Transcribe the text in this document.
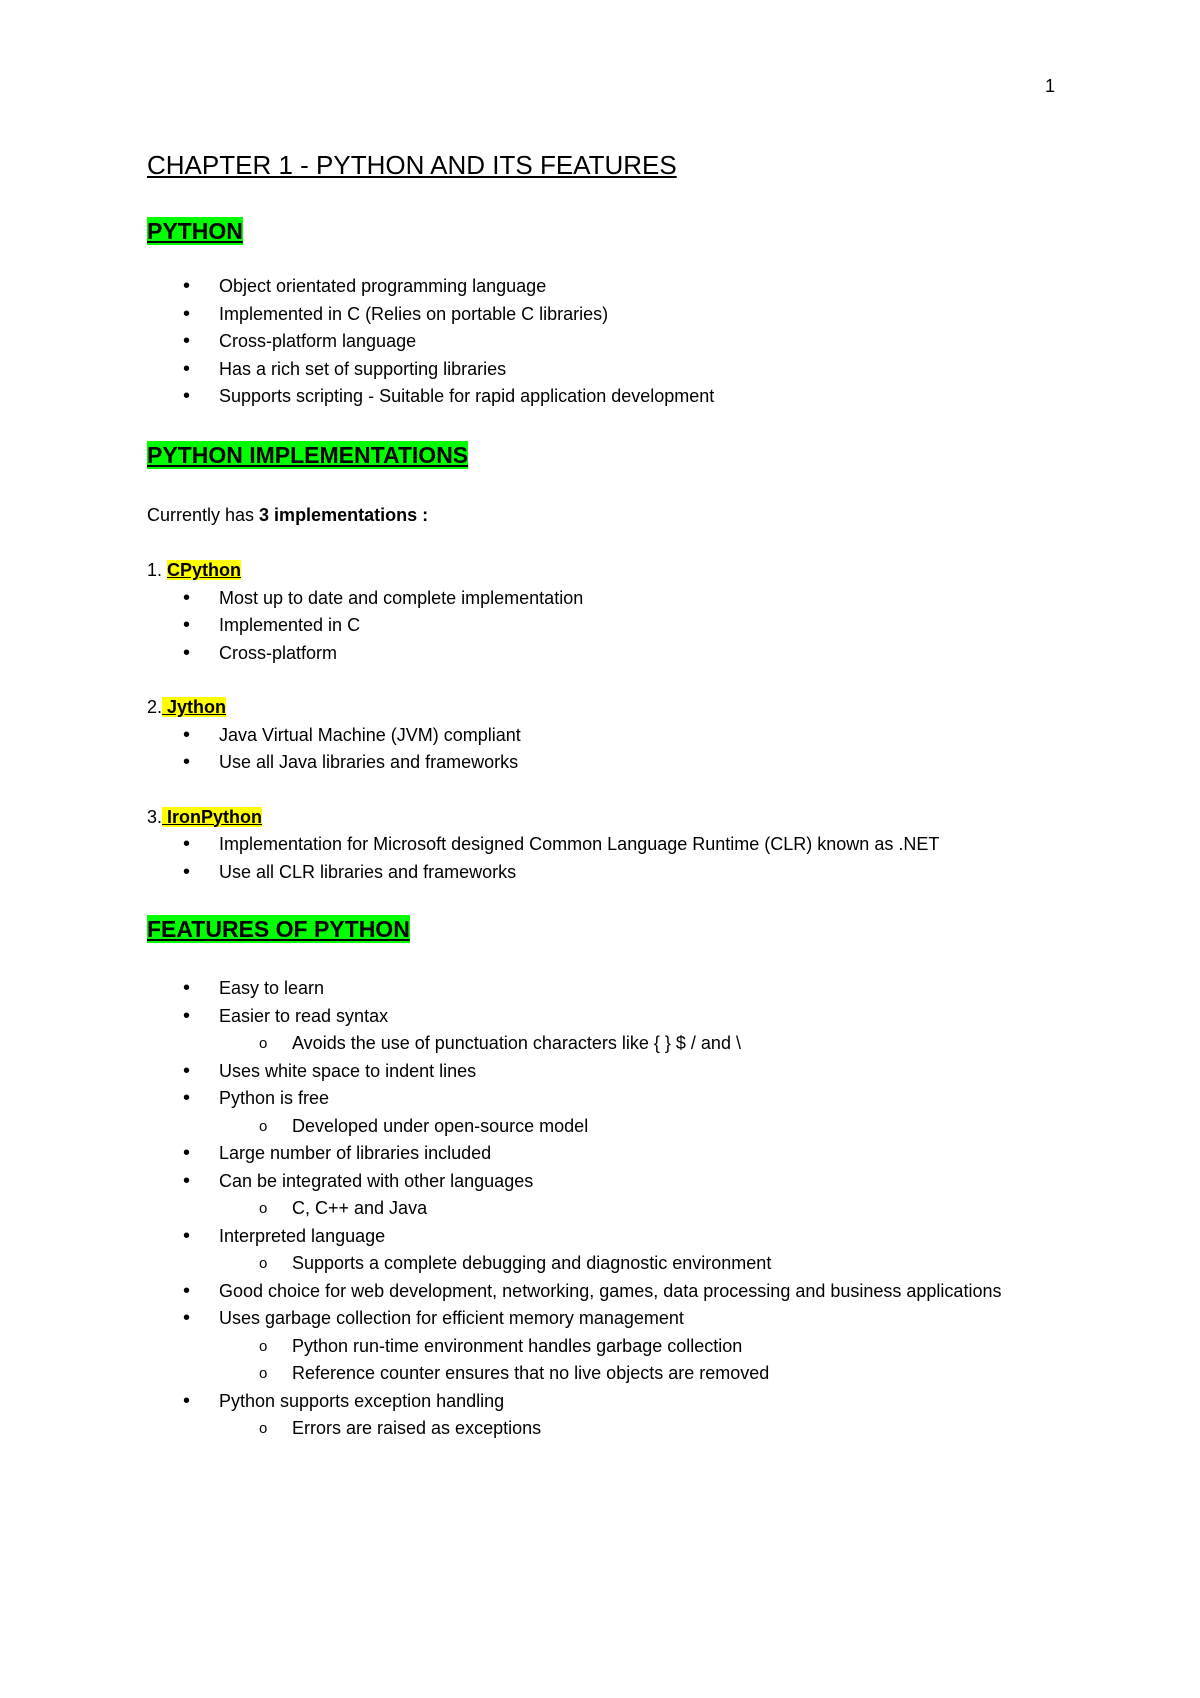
1
CHAPTER 1 - PYTHON AND ITS FEATURES
PYTHON
• Object orientated programming language
• Implemented in C (Relies on portable C libraries)
• Cross-platform language
• Has a rich set of supporting libraries
• Supports scripting - Suitable for rapid application development
PYTHON IMPLEMENTATIONS
Currently has 3 implementations :
1. CPython
• Most up to date and complete implementation
• Implemented in C
• Cross-platform
2. Jython
• Java Virtual Machine (JVM) compliant
• Use all Java libraries and frameworks
3. IronPython
• Implementation for Microsoft designed Common Language Runtime (CLR) known as .NET
• Use all CLR libraries and frameworks
FEATURES OF PYTHON
• Easy to learn
• Easier to read syntax
o Avoids the use of punctuation characters like { } $ / and \
• Uses white space to indent lines
• Python is free
o Developed under open-source model
• Large number of libraries included
• Can be integrated with other languages
o C, C++ and Java
• Interpreted language
o Supports a complete debugging and diagnostic environment
• Good choice for web development, networking, games, data processing and business applications
• Uses garbage collection for efficient memory management
o Python run-time environment handles garbage collection
o Reference counter ensures that no live objects are removed
• Python supports exception handling
o Errors are raised as exceptions
